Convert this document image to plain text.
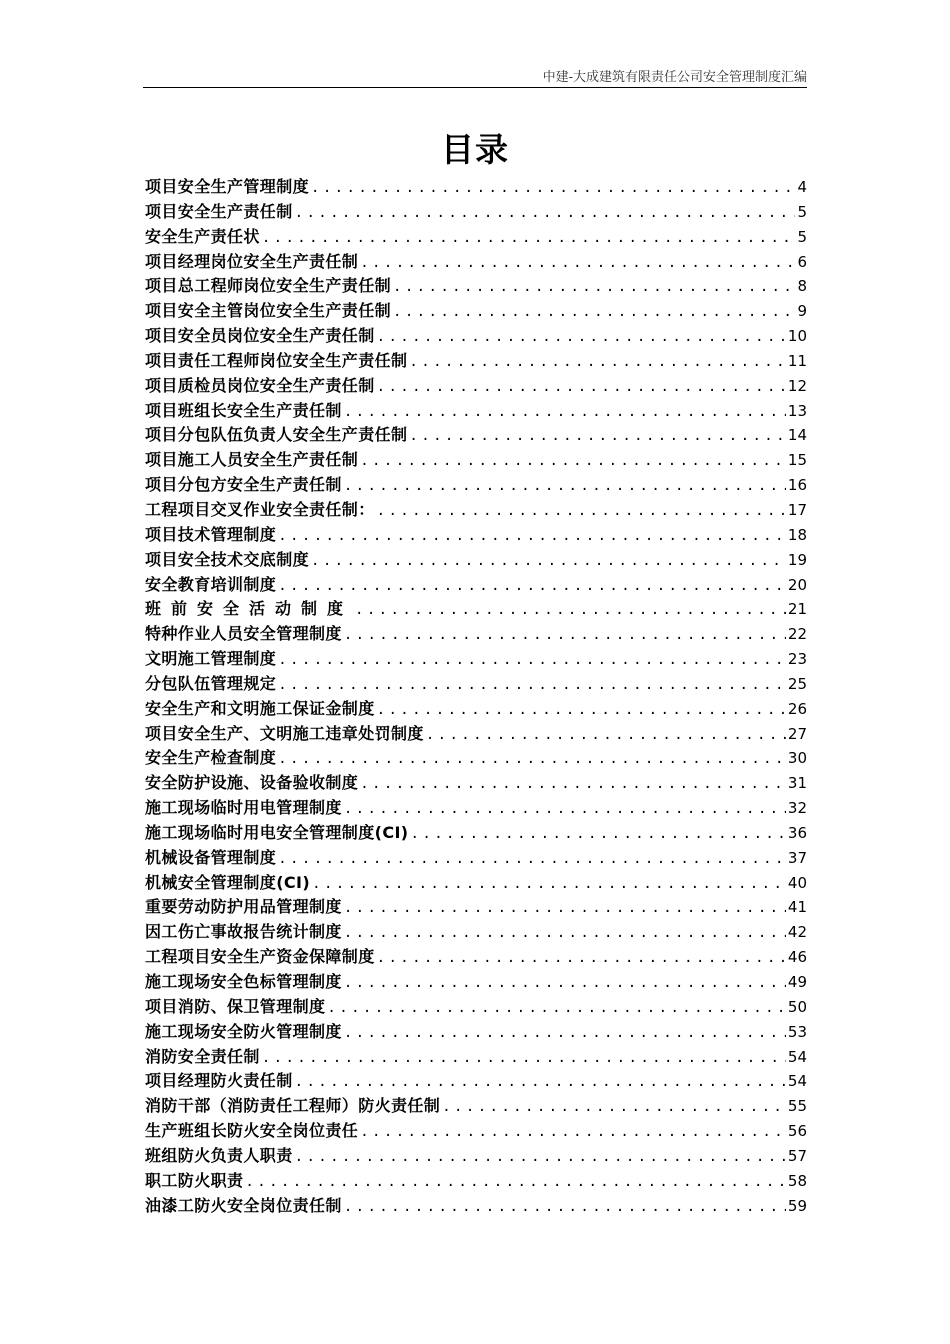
中建-大成建筑有限责任公司安全管理制度汇编
目录
项目安全生产管理制度 .....	4
项目安全生产责任制 .....	5
安全生产责任状 .....	5
项目经理岗位安全生产责任制 .....	6
项目总工程师岗位安全生产责任制 .....	8
项目安全主管岗位安全生产责任制 .....	9
项目安全员岗位安全生产责任制 .....	10
项目责任工程师岗位安全生产责任制 .....	11
项目质检员岗位安全生产责任制 .....	12
项目班组长安全生产责任制 .....	13
项目分包队伍负责人安全生产责任制 .....	14
项目施工人员安全生产责任制 .....	15
项目分包方安全生产责任制 .....	16
工程项目交叉作业安全责任制： .....	17
项目技术管理制度 .....	18
项目安全技术交底制度 .....	19
安全教育培训制度 .....	20
班前安全活动制度 .....	21
特种作业人员安全管理制度 .....	22
文明施工管理制度 .....	23
分包队伍管理规定 .....	25
安全生产和文明施工保证金制度 .....	26
项目安全生产、文明施工违章处罚制度 .....	27
安全生产检查制度 .....	30
安全防护设施、设备验收制度 .....	31
施工现场临时用电管理制度 .....	32
施工现场临时用电安全管理制度(CI) .....	36
机械设备管理制度 .....	37
机械安全管理制度(CI) .....	40
重要劳动防护用品管理制度 .....	41
因工伤亡事故报告统计制度 .....	42
工程项目安全生产资金保障制度 .....	46
施工现场安全色标管理制度 .....	49
项目消防、保卫管理制度 .....	50
施工现场安全防火管理制度 .....	53
消防安全责任制 .....	54
项目经理防火责任制 .....	54
消防干部（消防责任工程师）防火责任制 .....	55
生产班组长防火安全岗位责任 .....	56
班组防火负责人职责 .....	57
职工防火职责 .....	58
油漆工防火安全岗位责任制 .....	59
